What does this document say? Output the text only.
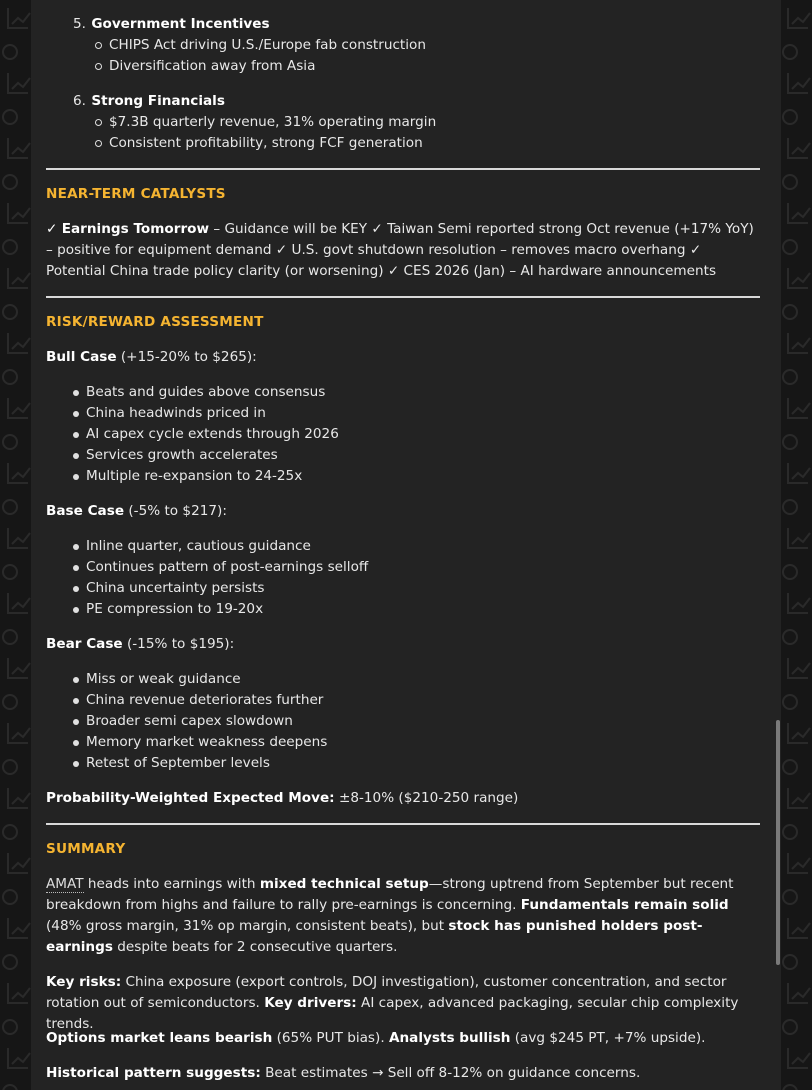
5. Government Incentives
CHIPS Act driving U.S./Europe fab construction
Diversification away from Asia
6. Strong Financials
$7.3B quarterly revenue, 31% operating margin
Consistent profitability, strong FCF generation
NEAR-TERM CATALYSTS

✓ Earnings Tomorrow – Guidance will be KEY ✓ Taiwan Semi reported strong Oct revenue (+17% YoY) – positive for equipment demand ✓ U.S. govt shutdown resolution – removes macro overhang ✓ Potential China trade policy clarity (or worsening) ✓ CES 2026 (Jan) – AI hardware announcements

RISK/REWARD ASSESSMENT

Bull Case (+15-20% to $265):

Beats and guides above consensus
China headwinds priced in
AI capex cycle extends through 2026
Services growth accelerates
Multiple re-expansion to 24-25x

Base Case (-5% to $217):

Inline quarter, cautious guidance
Continues pattern of post-earnings selloff
China uncertainty persists
PE compression to 19-20x

Bear Case (-15% to $195):

Miss or weak guidance
China revenue deteriorates further
Broader semi capex slowdown
Memory market weakness deepens
Retest of September levels

Probability-Weighted Expected Move: ±8-10% ($210-250 range)

SUMMARY

AMAT heads into earnings with mixed technical setup—strong uptrend from September but recent breakdown from highs and failure to rally pre-earnings is concerning. Fundamentals remain solid (48% gross margin, 31% op margin, consistent beats), but stock has punished holders post-earnings despite beats for 2 consecutive quarters.

Key risks: China exposure (export controls, DOJ investigation), customer concentration, and sector rotation out of semiconductors. Key drivers: AI capex, advanced packaging, secular chip complexity trends.

Options market leans bearish (65% PUT bias). Analysts bullish (avg $245 PT, +7% upside).

Historical pattern suggests: Beat estimates → Sell off 8-12% on guidance concerns.
